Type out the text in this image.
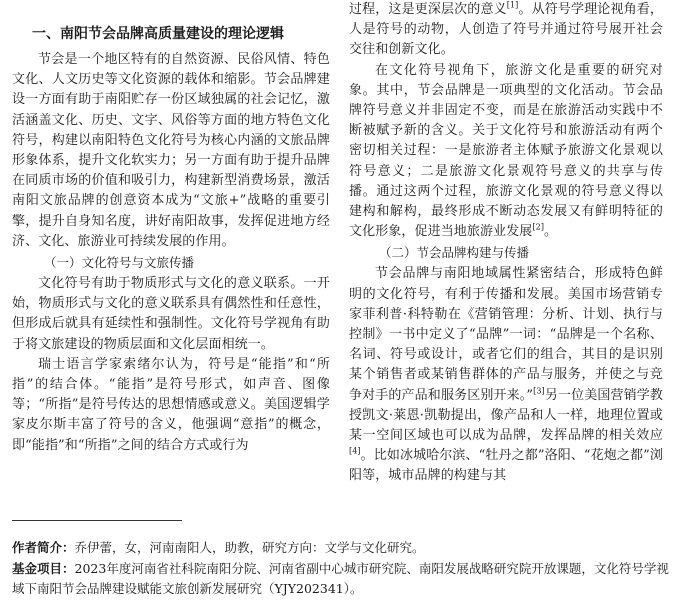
一、南阳节会品牌高质量建设的理论逻辑

节会是一个地区特有的自然资源、民俗风情、特色文化、人文历史等文化资源的载体和缩影。节会品牌建设一方面有助于南阳贮存一份区域独属的社会记忆，激活涵盖文化、历史、文字、风俗等方面的地方特色文化符号，构建以南阳特色文化符号为核心内涵的文旅品牌形象体系，提升文化软实力；另一方面有助于提升品牌在同质市场的价值和吸引力，构建新型消费场景，激活南阳文旅品牌的创意资本成为“文旅+”战略的重要引擎，提升自身知名度，讲好南阳故事，发挥促进地方经济、文化、旅游业可持续发展的作用。

（一）文化符号与文旅传播

文化符号有助于物质形式与文化的意义联系。一开始，物质形式与文化的意义联系具有偶然性和任意性，但形成后就具有延续性和强制性。文化符号学视角有助于将文旅建设的物质层面和文化层面相统一。

瑞士语言学家索绪尔认为，符号是“能指”和“所指”的结合体。“能指”是符号形式，如声音、图像等；“所指”是符号传达的思想情感或意义。美国逻辑学家皮尔斯丰富了符号的含义，他强调“意指”的概念，即“能指”和“所指”之间的结合方式或行为

过程，这是更深层次的意义[1]。从符号学理论视角看，人是符号的动物，人创造了符号并通过符号展开社会交往和创新文化。

在文化符号视角下，旅游文化是重要的研究对象。其中，节会品牌是一项典型的文化活动。节会品牌符号意义并非固定不变，而是在旅游活动实践中不断被赋予新的含义。关于文化符号和旅游活动有两个密切相关过程：一是旅游者主体赋予旅游文化景观以符号意义；二是旅游文化景观符号意义的共享与传播。通过这两个过程，旅游文化景观的符号意义得以建构和解构，最终形成不断动态发展又有鲜明特征的文化形象，促进当地旅游业发展[2]。

（二）节会品牌构建与传播

节会品牌与南阳地域属性紧密结合，形成特色鲜明的文化符号，有利于传播和发展。美国市场营销专家菲利普·科特勒在《营销管理：分析、计划、执行与控制》一书中定义了“品牌”一词：“品牌是一个名称、名词、符号或设计，或者它们的组合，其目的是识别某个销售者或某销售群体的产品与服务，并使之与竞争对手的产品和服务区别开来。”[3]另一位美国营销学教授凯文·莱恩·凯勒提出，像产品和人一样，地理位置或某一空间区域也可以成为品牌，发挥品牌的相关效应[4]。比如冰城哈尔滨、“牡丹之都”洛阳、“花炮之都”浏阳等，城市品牌的构建与其

作者简介：乔伊蕾，女，河南南阳人，助教，研究方向：文学与文化研究。

基金项目：2023年度河南省社科院南阳分院、河南省副中心城市研究院、南阳发展战略研究院开放课题，文化符号学视域下南阳节会品牌建设赋能文旅创新发展研究（YJY202341）。
